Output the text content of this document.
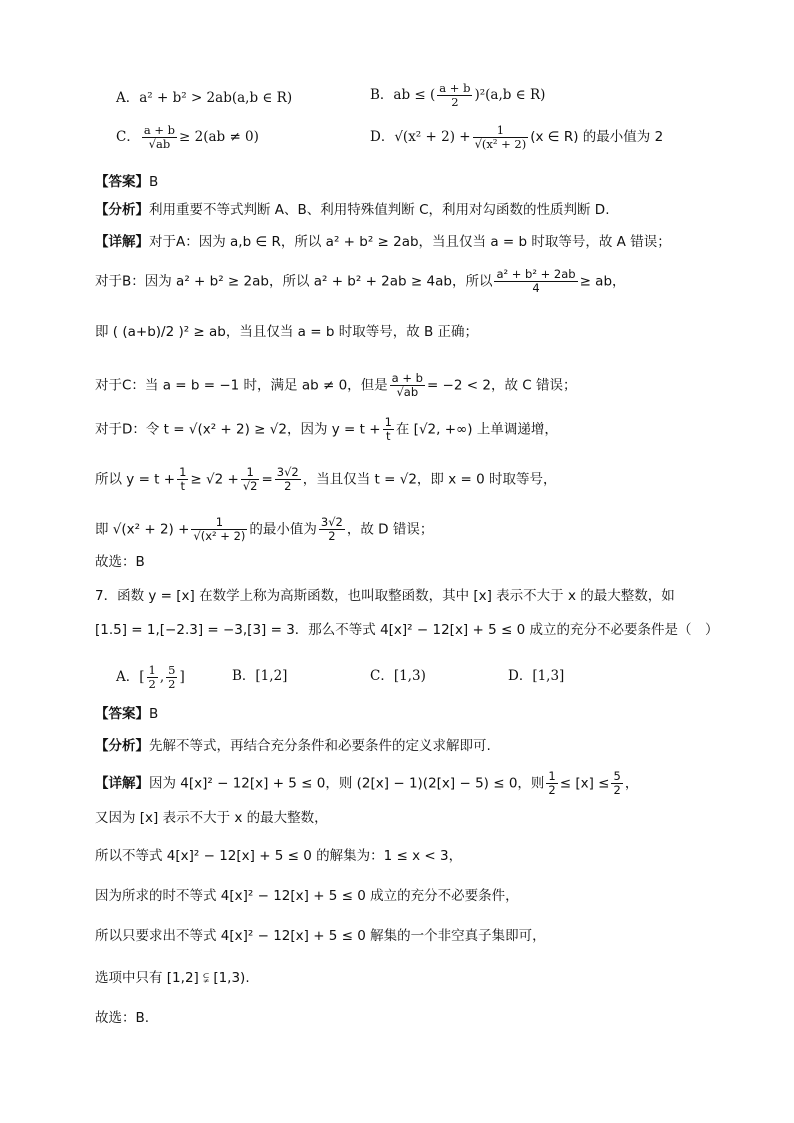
A．a² + b² > 2ab(a,b ∈ R)	B．ab ≤ ( $\frac{a + b}{2} )^2(a,b$ ∈ R)
C． $\frac{a + b}{√ab} \ge 2(ab \ne 0)$	D．$√(x^2 + 2) + \frac{1}{\text{√(x² + 2)}} (x$ ∈ R) 的最小值为 2
【答案】B
【分析】利用重要不等式判断 A、B、利用特殊值判断 C，利用对勾函数的性质判断 D.
【详解】对于A：因为 a,b ∈ R，所以 a² + b² ≥ 2ab，当且仅当 a = b 时取等号，故 A 错误；
对于B：因为 a² + b² ≥ 2ab，所以 a² + b² + 2ab ≥ 4ab，所以 $\frac{\text{a² + b² + 2ab}}{4}$ ≥ ab，
即 ( (a+b)/2 )² ≥ ab，当且仅当 a = b 时取等号，故 B 正确；
对于C：当 a = b = −1 时，满足 ab ≠ 0，但是 $\frac{a + b}{√ab} = -2 < 2$，故 C 错误；
对于D：令 t = √(x² + 2) ≥ √2，因为 $y = t + \frac{1}{t}$ 在 [√2, +∞) 上单调递增，
所以 $y = t + \frac{1}{t} \ge √2 + \frac{1}{√2} = \frac{3√2}{2}$ ，当且仅当 t = √2，即 x = 0 时取等号，
即 $√(x^2 + 2) + \frac{1}{\text{√(x² + 2)}}$ 的最小值为 $\frac{3√2}{2}$ ，故 D 错误；
故选：B
7．函数 y = [x] 在数学上称为高斯函数，也叫取整函数，其中 [x] 表示不大于 x 的最大整数，如
[1.5] = 1,[−2.3] = −3,[3] = 3．那么不等式 4[x]² − 12[x] + 5 ≤ 0 成立的充分不必要条件是（　）
A．[ $\frac{1}{2}$ , $\frac{5}{2}$ ]	B．[1,2]	C．[1,3)	D．[1,3]
【答案】B
【分析】先解不等式，再结合充分条件和必要条件的定义求解即可.
【详解】因为 4[x]² − 12[x] + 5 ≤ 0，则 (2[x] − 1)(2[x] − 5) ≤ 0，则 $\frac{1}{2} \le [x] \le \frac{5}{2}$ ，
又因为 [x] 表示不大于 x 的最大整数，
所以不等式 4[x]² − 12[x] + 5 ≤ 0 的解集为：1 ≤ x < 3，
因为所求的时不等式 4[x]² − 12[x] + 5 ≤ 0 成立的充分不必要条件，
所以只要求出不等式 4[x]² − 12[x] + 5 ≤ 0 解集的一个非空真子集即可，
选项中只有 [1,2] ⫋ [1,3).
故选：B.
